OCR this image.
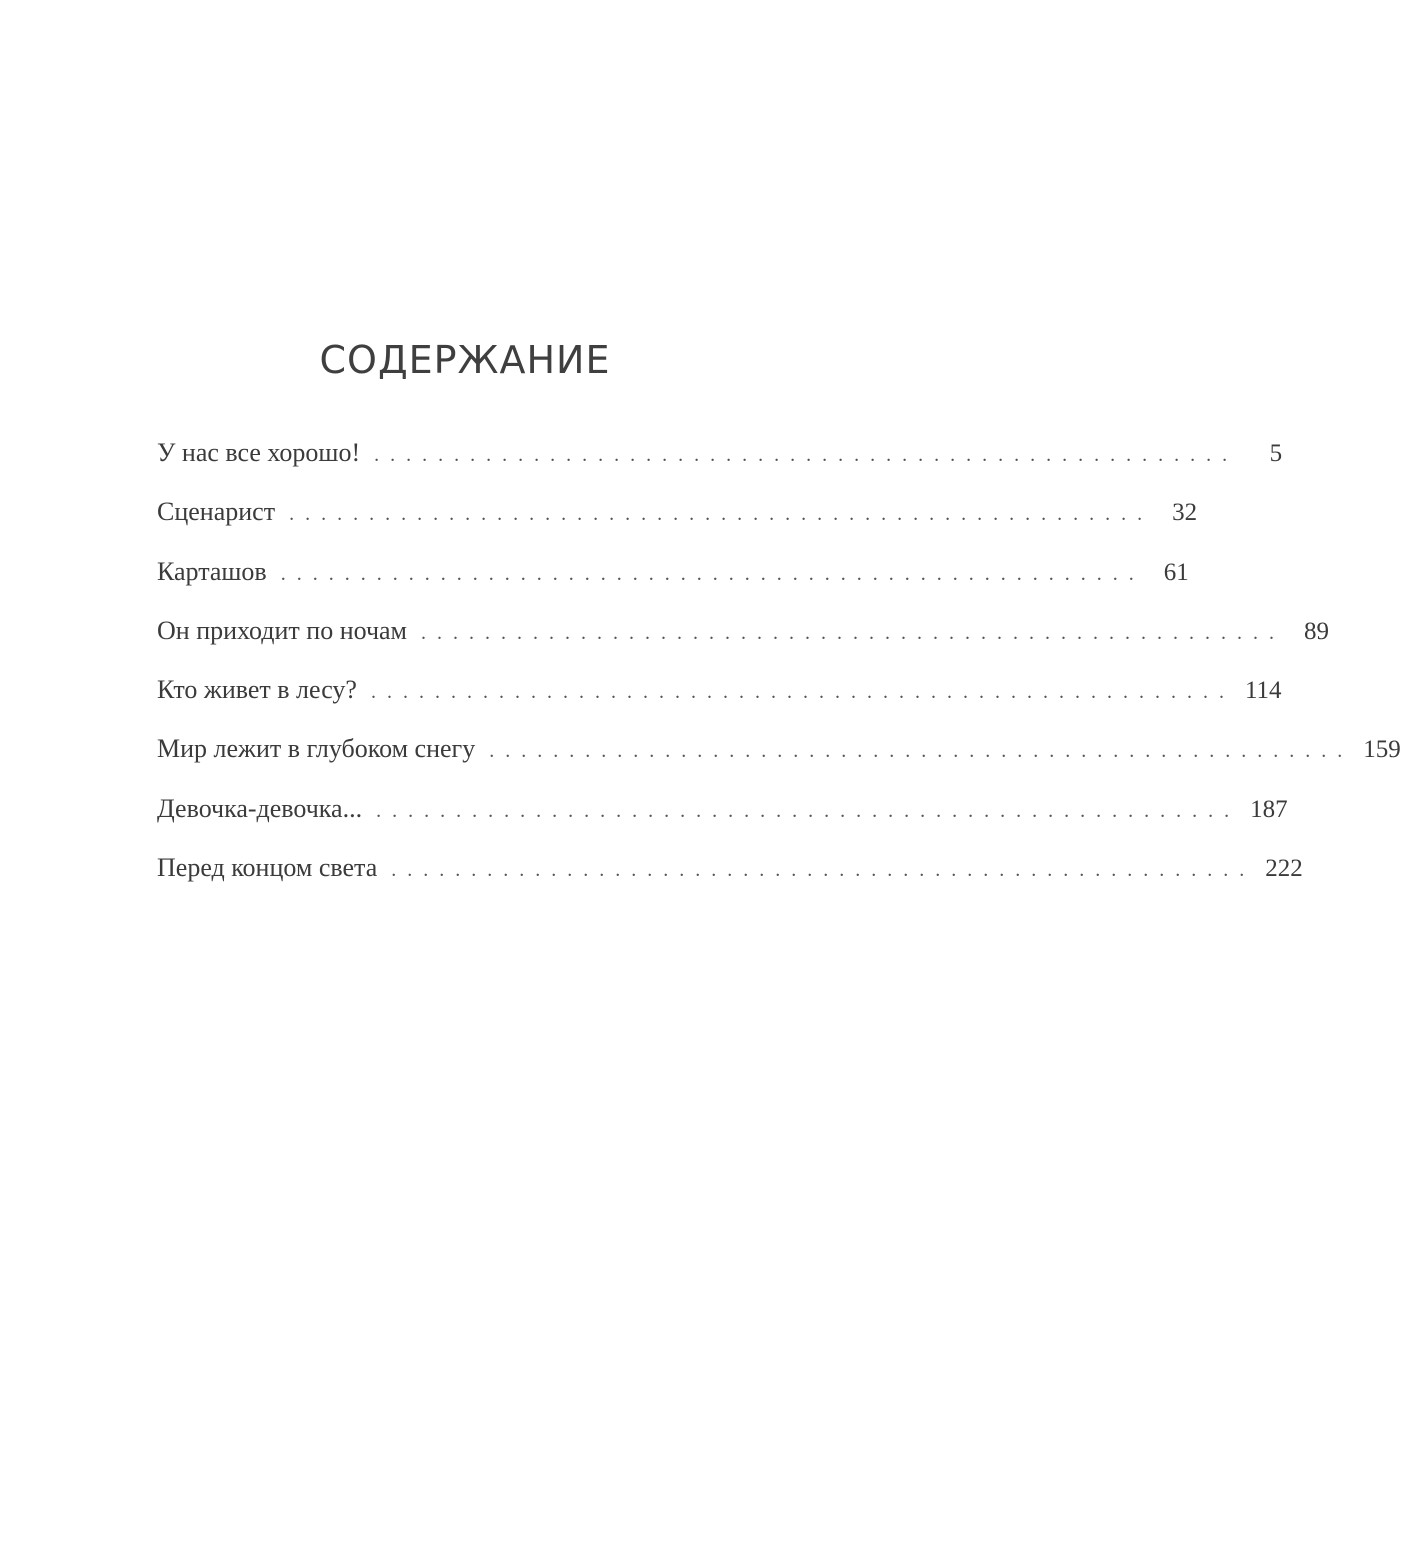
СОДЕРЖАНИЕ
У нас все хорошо! ......................................................	5
Сценарист ...................................................... 32
Карташов ...................................................... 61
Он приходит по ночам ...................................................... 89
Кто живет в лесу? ...................................................... 114
Мир лежит в глубоком снегу ...................................................... 159
Девочка-девочка... ...................................................... 187
Перед концом света ...................................................... 222
